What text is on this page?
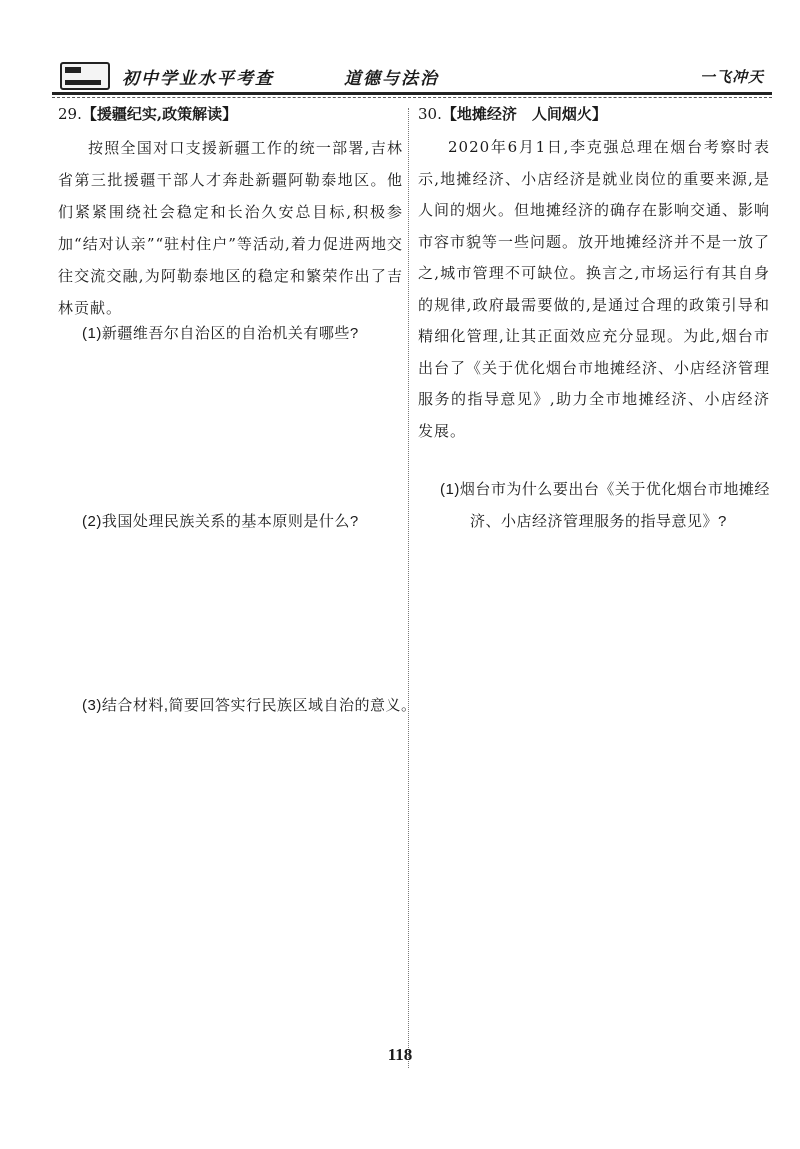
初中学业水平考查	道德与法治	一飞冲天

29.【援疆纪实,政策解读】

按照全国对口支援新疆工作的统一部署,吉林省第三批援疆干部人才奔赴新疆阿勒泰地区。他们紧紧围绕社会稳定和长治久安总目标,积极参加“结对认亲”“驻村住户”等活动,着力促进两地交往交流交融,为阿勒泰地区的稳定和繁荣作出了吉林贡献。

(1)新疆维吾尔自治区的自治机关有哪些?

(2)我国处理民族关系的基本原则是什么?

(3)结合材料,简要回答实行民族区域自治的意义。

30.【地摊经济　人间烟火】

2020年6月1日,李克强总理在烟台考察时表示,地摊经济、小店经济是就业岗位的重要来源,是人间的烟火。但地摊经济的确存在影响交通、影响市容市貌等一些问题。放开地摊经济并不是一放了之,城市管理不可缺位。换言之,市场运行有其自身的规律,政府最需要做的,是通过合理的政策引导和精细化管理,让其正面效应充分显现。为此,烟台市出台了《关于优化烟台市地摊经济、小店经济管理服务的指导意见》,助力全市地摊经济、小店经济发展。

(1)烟台市为什么要出台《关于优化烟台市地摊经济、小店经济管理服务的指导意见》?

118
